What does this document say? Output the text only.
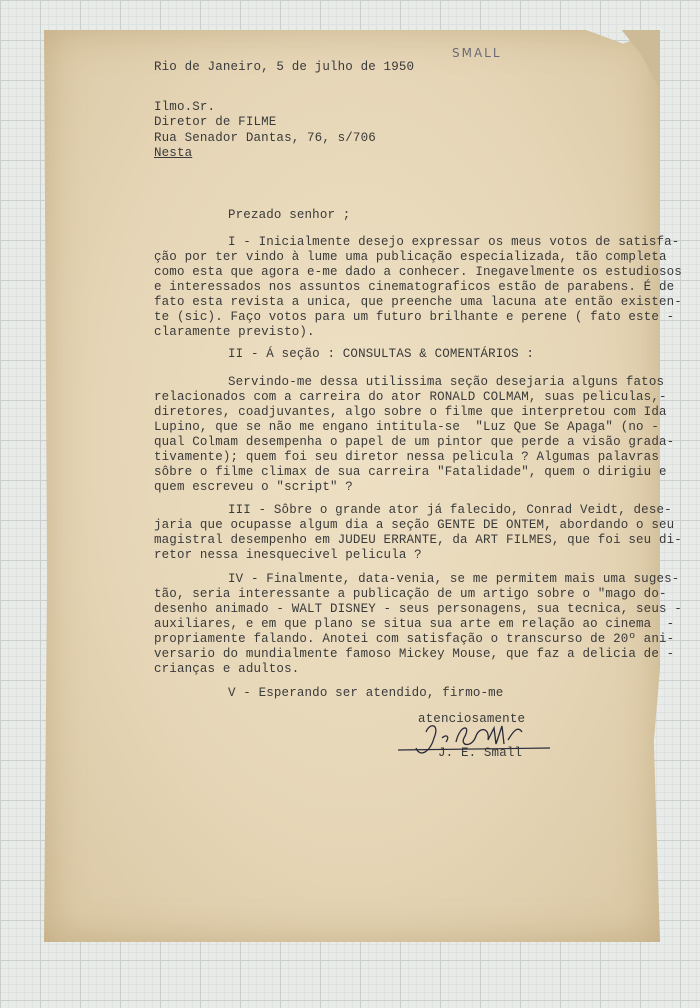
SMALL
Rio de Janeiro, 5 de julho de 1950
Ilmo.Sr.
Diretor de FILME
Rua Senador Dantas, 76, s/706
Nesta
Prezado senhor ;
I - Inicialmente desejo expressar os meus votos de satisfa-
ção por ter vindo à lume uma publicação especializada, tão completa
como esta que agora e-me dado a conhecer. Inegavelmente os estudiosos
e interessados nos assuntos cinematograficos estão de parabens. É de
fato esta revista a unica, que preenche uma lacuna ate então existen-
te (sic). Faço votos para um futuro brilhante e perene ( fato este -
claramente previsto).
II - Á seção : CONSULTAS & COMENTÁRIOS :
Servindo-me dessa utilissima seção desejaria alguns fatos
relacionados com a carreira do ator RONALD COLMAM, suas peliculas,-
diretores, coadjuvantes, algo sobre o filme que interpretou com Ida
Lupino, que se não me engano intitula-se  "Luz Que Se Apaga" (no -
qual Colmam desempenha o papel de um pintor que perde a visão grada-
tivamente); quem foi seu diretor nessa pelicula ? Algumas palavras
sôbre o filme climax de sua carreira "Fatalidade", quem o dirigiu e
quem escreveu o "script" ?
III - Sôbre o grande ator já falecido, Conrad Veidt, dese-
jaria que ocupasse algum dia a seção GENTE DE ONTEM, abordando o seu
magistral desempenho em JUDEU ERRANTE, da ART FILMES, que foi seu di-
retor nessa inesquecivel pelicula ?
IV - Finalmente, data-venia, se me permitem mais uma suges-
tão, seria interessante a publicação de um artigo sobre o "mago do-
desenho animado - WALT DISNEY - seus personagens, sua tecnica, seus -
auxiliares, e em que plano se situa sua arte em relação ao cinema  -
propriamente falando. Anotei com satisfação o transcurso de 20º ani-
versario do mundialmente famoso Mickey Mouse, que faz a delicia de -
crianças e adultos.
V - Esperando ser atendido, firmo-me
atenciosamente
J. E. Small
